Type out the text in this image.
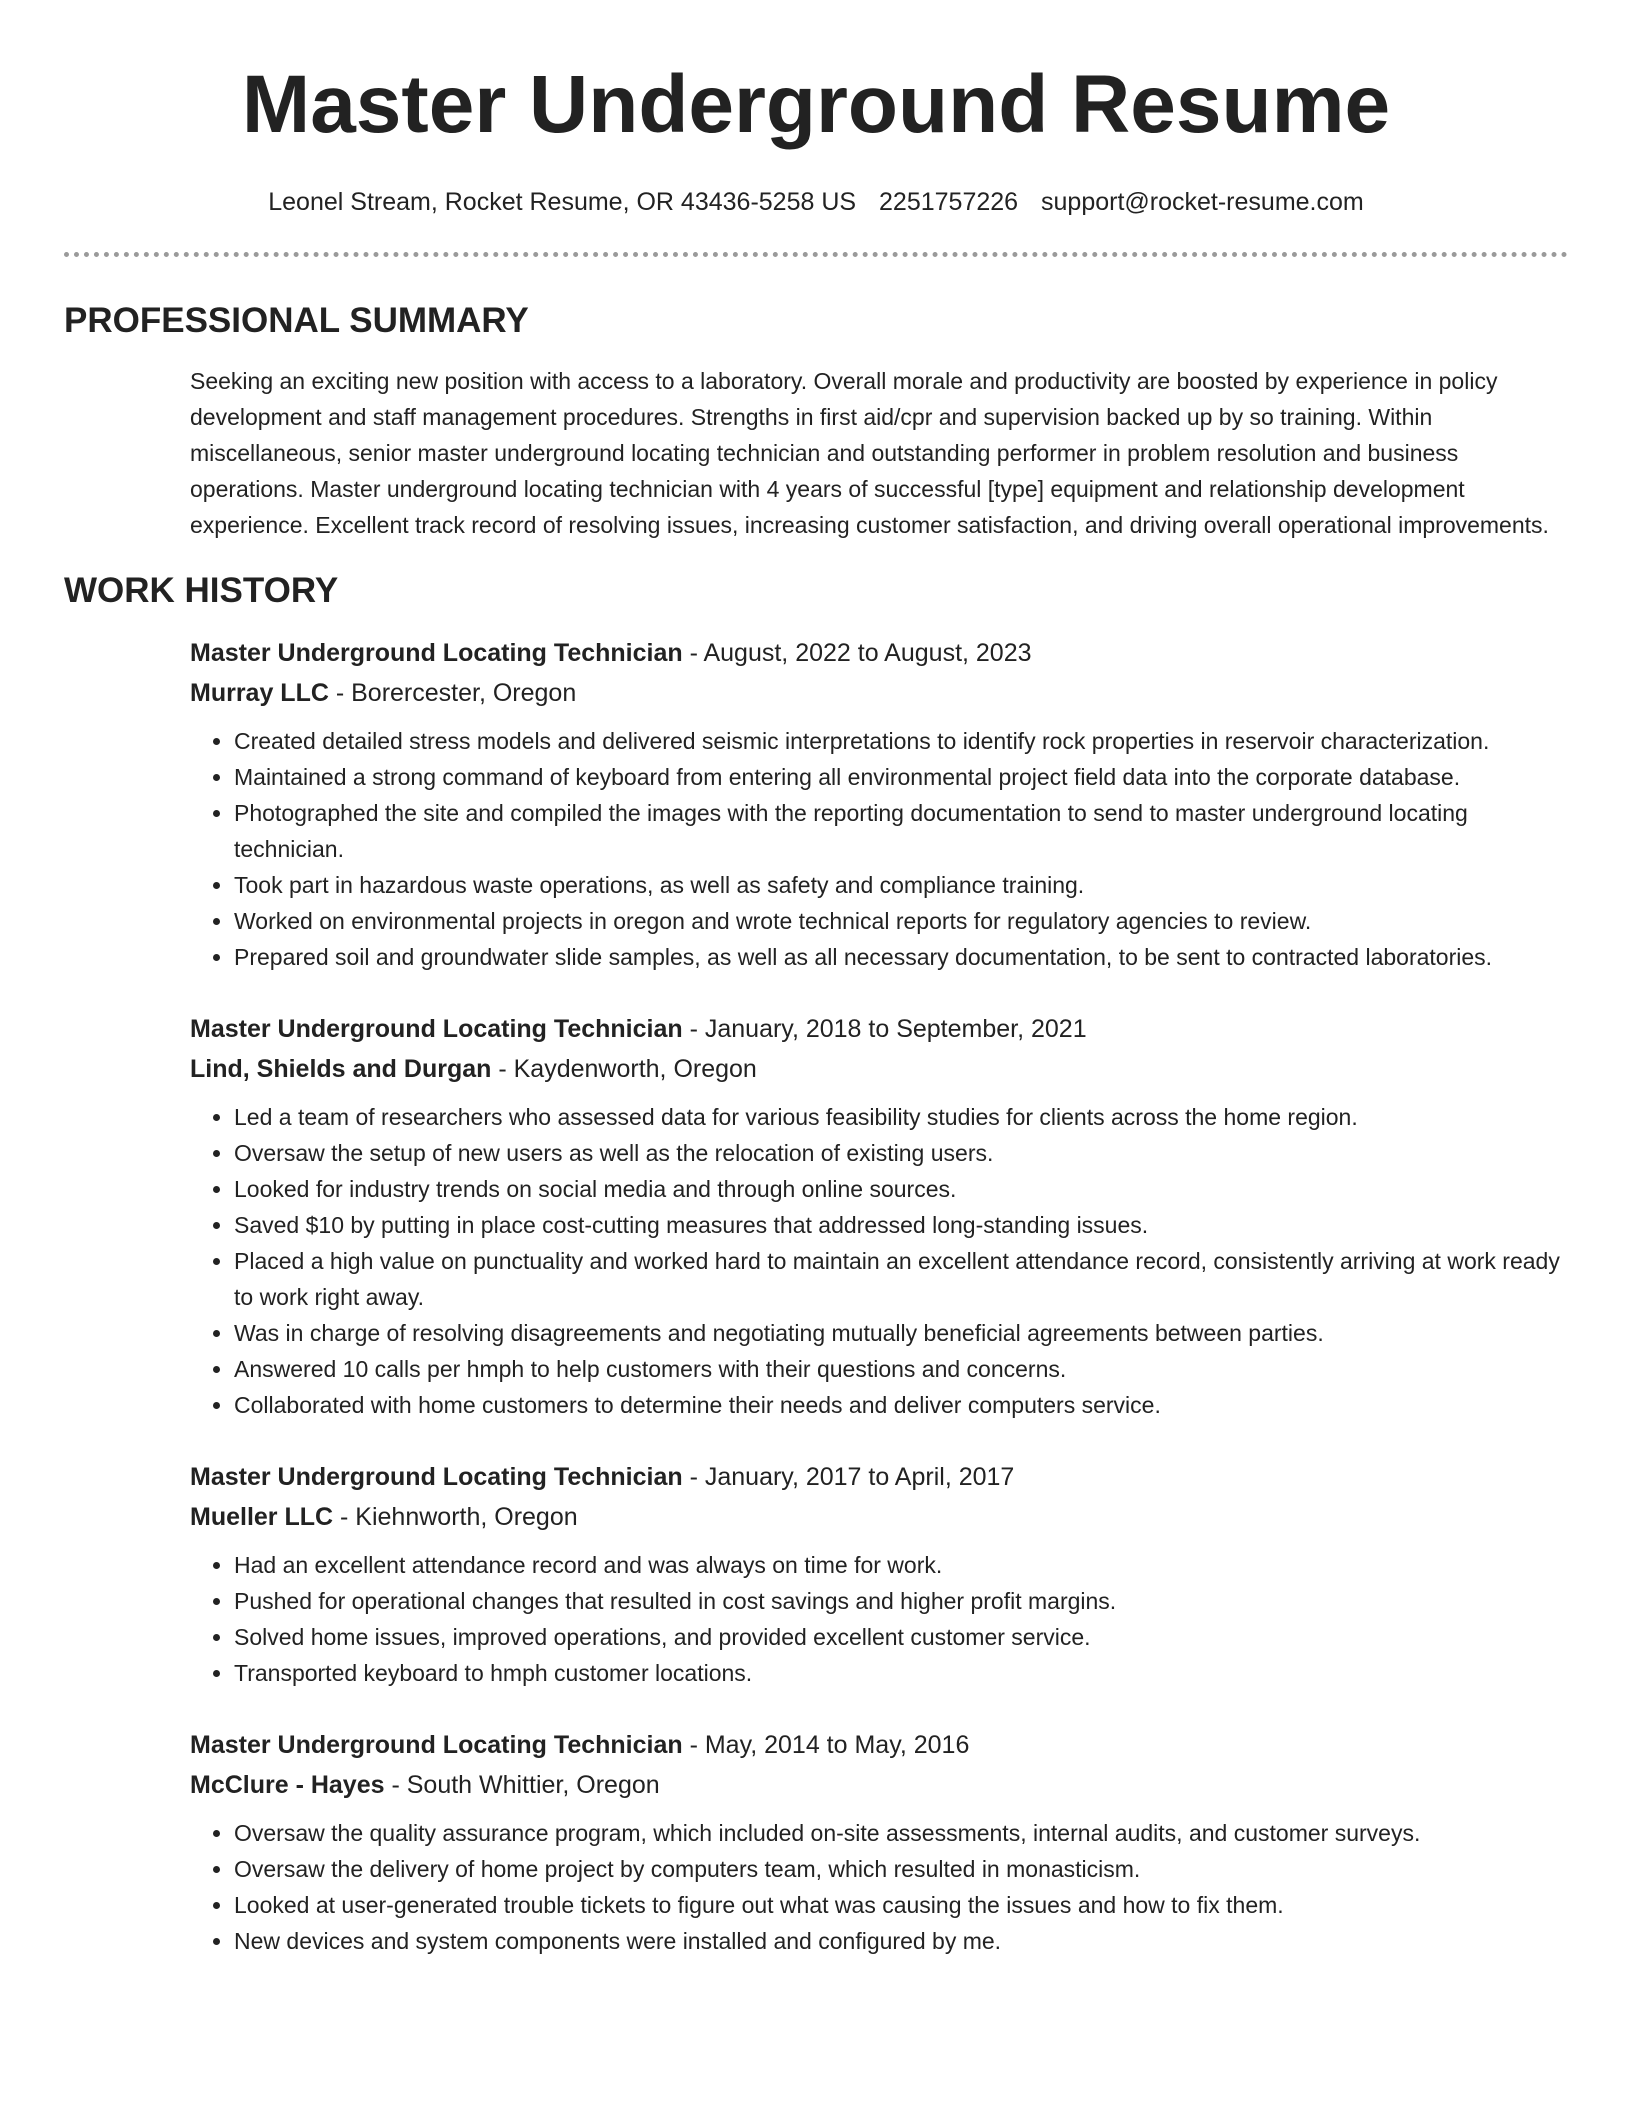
Master Underground Resume
Leonel Stream, Rocket Resume, OR 43436-5258 US 2251757226 support@rocket-resume.com
PROFESSIONAL SUMMARY

Seeking an exciting new position with access to a laboratory. Overall morale and productivity are boosted by experience in policy development and staff management procedures. Strengths in first aid/cpr and supervision backed up by so training. Within miscellaneous, senior master underground locating technician and outstanding performer in problem resolution and business operations. Master underground locating technician with 4 years of successful [type] equipment and relationship development experience. Excellent track record of resolving issues, increasing customer satisfaction, and driving overall operational improvements.

WORK HISTORY
Master Underground Locating Technician - August, 2022 to August, 2023
Murray LLC - Borercester, Oregon
• Created detailed stress models and delivered seismic interpretations to identify rock properties in reservoir characterization.
• Maintained a strong command of keyboard from entering all environmental project field data into the corporate database.
• Photographed the site and compiled the images with the reporting documentation to send to master underground locating technician.
• Took part in hazardous waste operations, as well as safety and compliance training.
• Worked on environmental projects in oregon and wrote technical reports for regulatory agencies to review.
• Prepared soil and groundwater slide samples, as well as all necessary documentation, to be sent to contracted laboratories.
Master Underground Locating Technician - January, 2018 to September, 2021
Lind, Shields and Durgan - Kaydenworth, Oregon
• Led a team of researchers who assessed data for various feasibility studies for clients across the home region.
• Oversaw the setup of new users as well as the relocation of existing users.
• Looked for industry trends on social media and through online sources.
• Saved $10 by putting in place cost-cutting measures that addressed long-standing issues.
• Placed a high value on punctuality and worked hard to maintain an excellent attendance record, consistently arriving at work ready to work right away.
• Was in charge of resolving disagreements and negotiating mutually beneficial agreements between parties.
• Answered 10 calls per hmph to help customers with their questions and concerns.
• Collaborated with home customers to determine their needs and deliver computers service.
Master Underground Locating Technician - January, 2017 to April, 2017
Mueller LLC - Kiehnworth, Oregon
• Had an excellent attendance record and was always on time for work.
• Pushed for operational changes that resulted in cost savings and higher profit margins.
• Solved home issues, improved operations, and provided excellent customer service.
• Transported keyboard to hmph customer locations.
Master Underground Locating Technician - May, 2014 to May, 2016
McClure - Hayes - South Whittier, Oregon
• Oversaw the quality assurance program, which included on-site assessments, internal audits, and customer surveys.
• Oversaw the delivery of home project by computers team, which resulted in monasticism.
• Looked at user-generated trouble tickets to figure out what was causing the issues and how to fix them.
• New devices and system components were installed and configured by me.
